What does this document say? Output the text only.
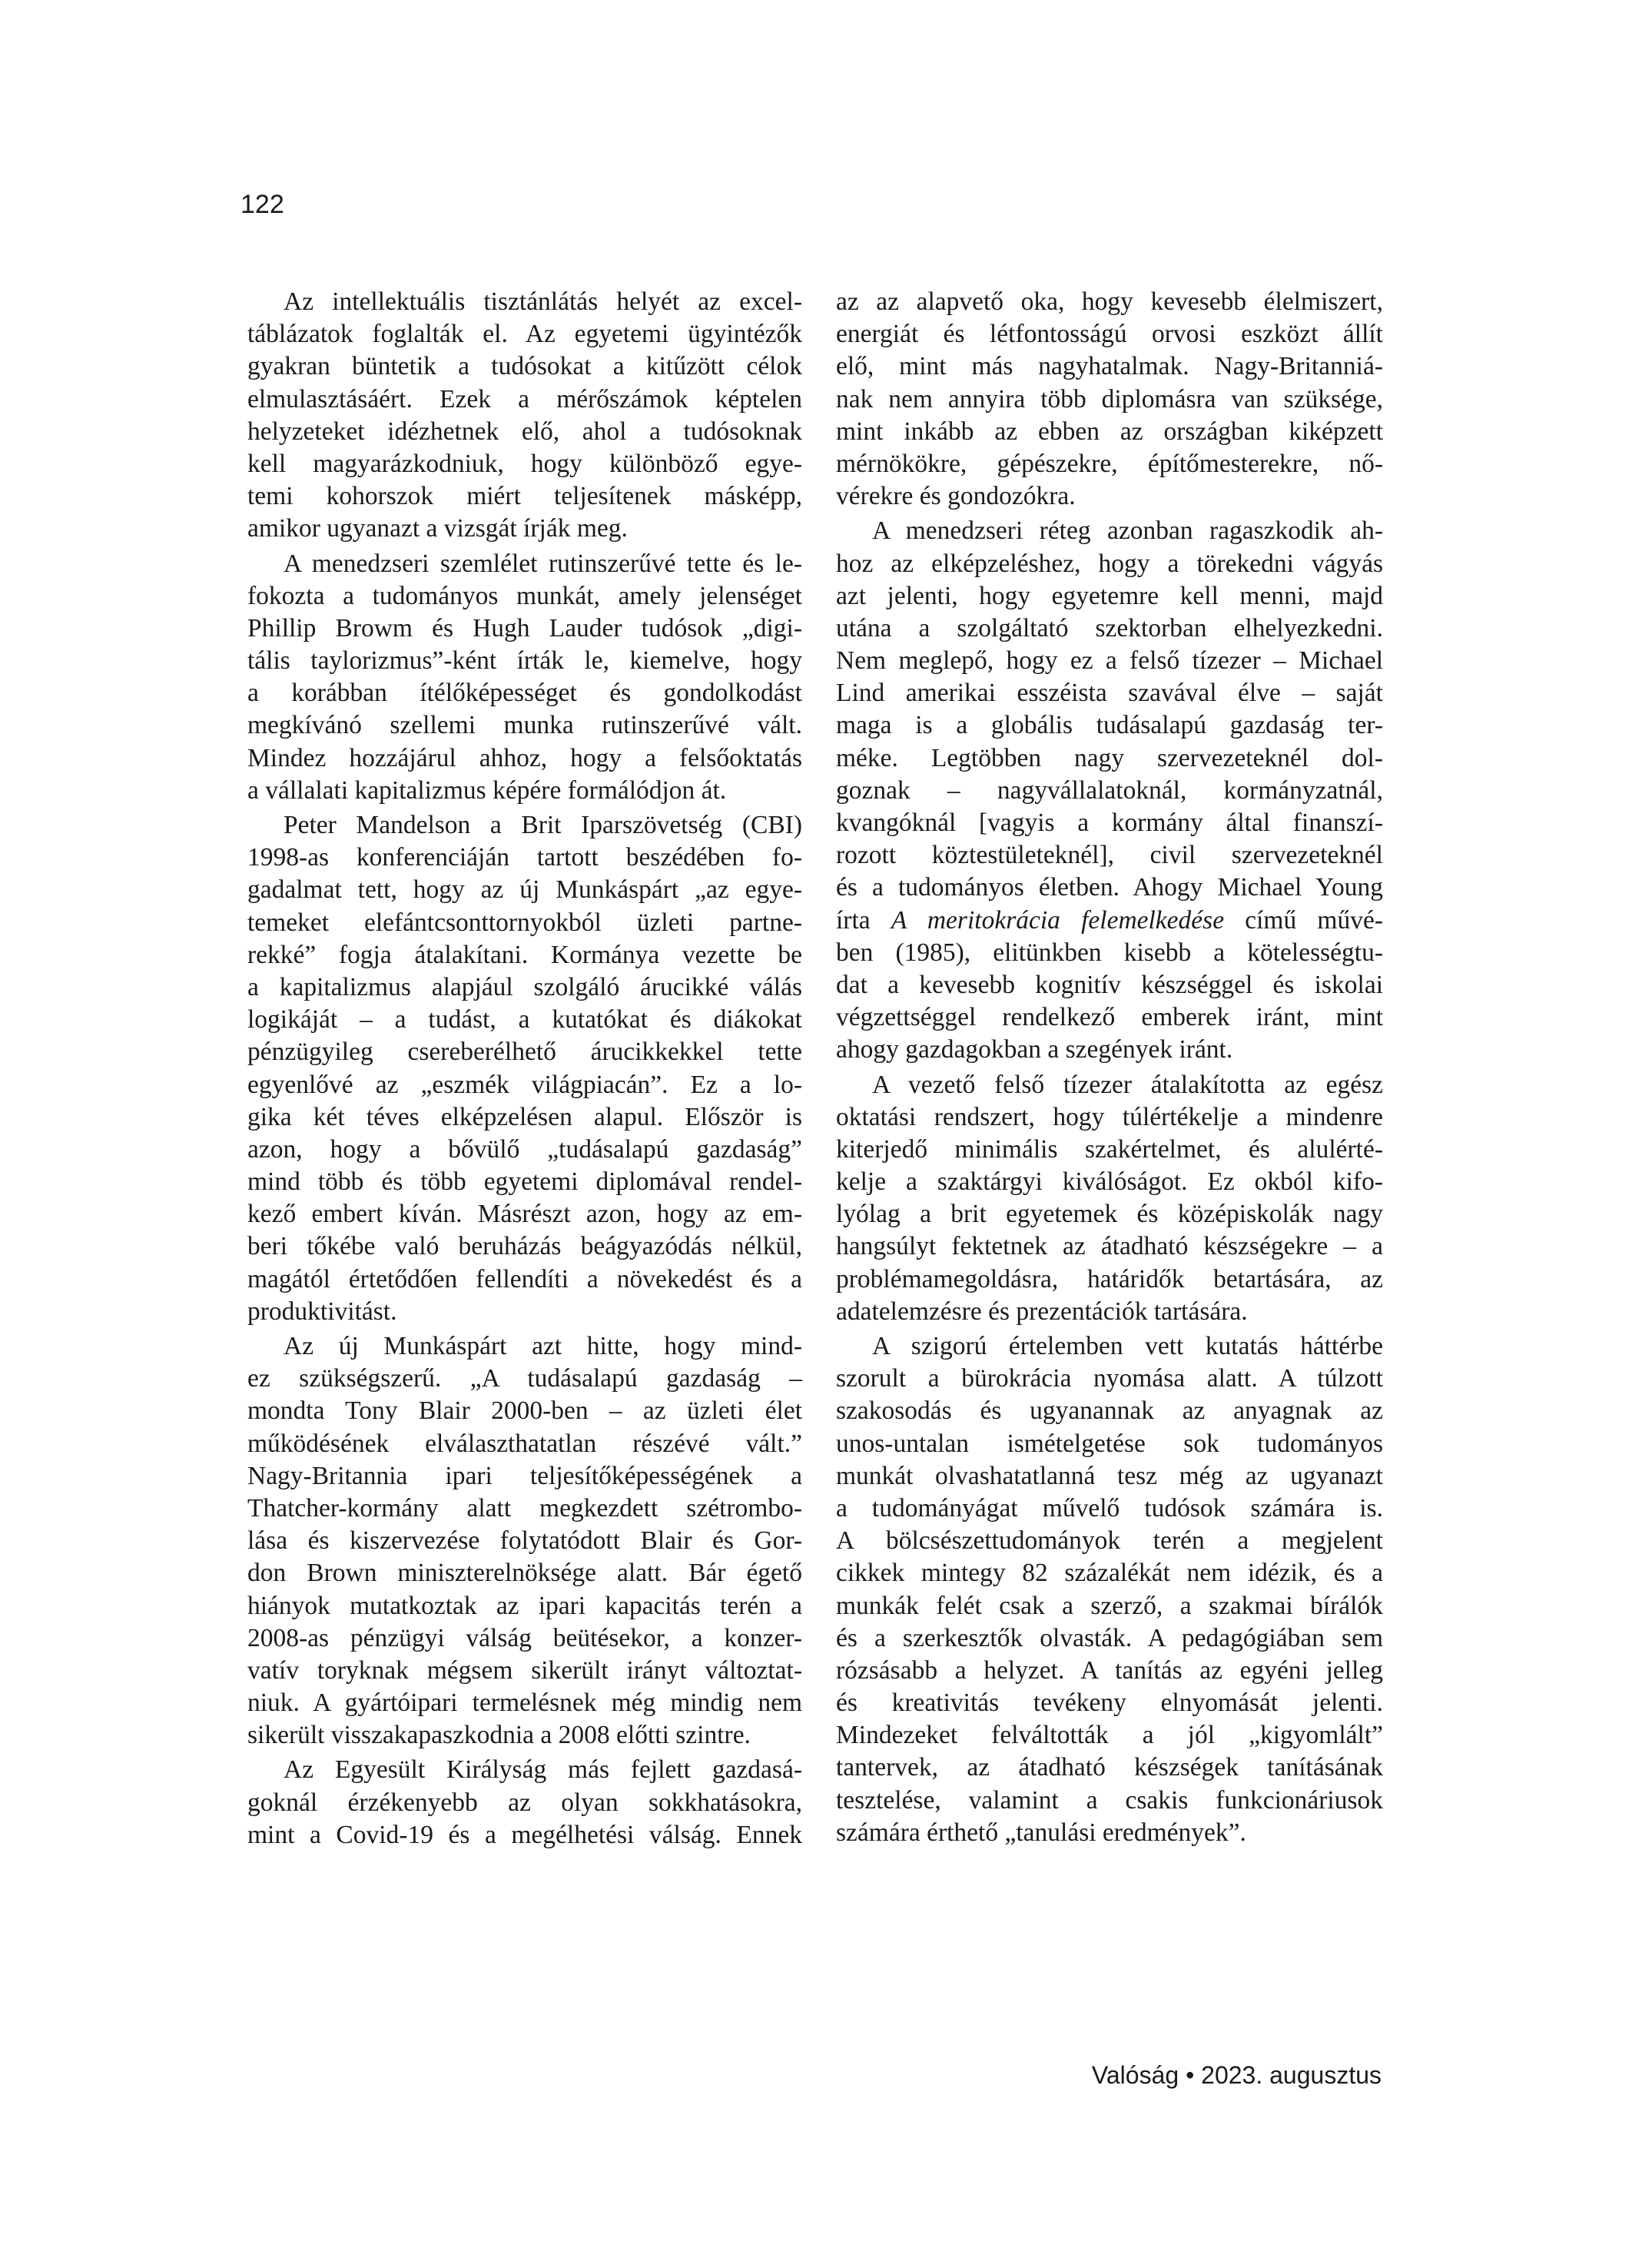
122
Az intellektuális tisztánlátás helyét az excel-
táblázatok foglalták el. Az egyetemi ügyintézők
gyakran büntetik a tudósokat a kitűzött célok
elmulasztásáért. Ezek a mérőszámok képtelen
helyzeteket idézhetnek elő, ahol a tudósoknak
kell magyarázkodniuk, hogy különböző egye-
temi kohorszok miért teljesítenek másképp,
amikor ugyanazt a vizsgát írják meg.
A menedzseri szemlélet rutinszerűvé tette és le-
fokozta a tudományos munkát, amely jelenséget
Phillip Browm és Hugh Lauder tudósok „digi-
tális taylorizmus”-ként írták le, kiemelve, hogy
a korábban ítélőképességet és gondolkodást
megkívánó szellemi munka rutinszerűvé vált.
Mindez hozzájárul ahhoz, hogy a felsőoktatás
a vállalati kapitalizmus képére formálódjon át.
Peter Mandelson a Brit Iparszövetség (CBI)
1998-as konferenciáján tartott beszédében fo-
gadalmat tett, hogy az új Munkáspárt „az egye-
temeket elefántcsonttornyokból üzleti partne-
rekké” fogja átalakítani. Kormánya vezette be
a kapitalizmus alapjául szolgáló árucikké válás
logikáját – a tudást, a kutatókat és diákokat
pénzügyileg csereberélhető árucikkekkel tette
egyenlővé az „eszmék világpiacán”. Ez a lo-
gika két téves elképzelésen alapul. Először is
azon, hogy a bővülő „tudásalapú gazdaság”
mind több és több egyetemi diplomával rendel-
kező embert kíván. Másrészt azon, hogy az em-
beri tőkébe való beruházás beágyazódás nélkül,
magától értetődően fellendíti a növekedést és a
produktivitást.
Az új Munkáspárt azt hitte, hogy mind-
ez szükségszerű. „A tudásalapú gazdaság –
mondta Tony Blair 2000-ben – az üzleti élet
működésének elválaszthatatlan részévé vált.”
Nagy-Britannia ipari teljesítőképességének a
Thatcher-kormány alatt megkezdett szétrombo-
lása és kiszervezése folytatódott Blair és Gor-
don Brown miniszterelnöksége alatt. Bár égető
hiányok mutatkoztak az ipari kapacitás terén a
2008-as pénzügyi válság beütésekor, a konzer-
vatív toryknak mégsem sikerült irányt változtat-
niuk. A gyártóipari termelésnek még mindig nem
sikerült visszakapaszkodnia a 2008 előtti szintre.
Az Egyesült Királyság más fejlett gazdasá-
goknál érzékenyebb az olyan sokkhatásokra,
mint a Covid-19 és a megélhetési válság. Ennek
az az alapvető oka, hogy kevesebb élelmiszert,
energiát és létfontosságú orvosi eszközt állít
elő, mint más nagyhatalmak. Nagy-Britanniá-
nak nem annyira több diplomásra van szüksége,
mint inkább az ebben az országban kiképzett
mérnökökre, gépészekre, építőmesterekre, nő-
vérekre és gondozókra.
A menedzseri réteg azonban ragaszkodik ah-
hoz az elképzeléshez, hogy a törekedni vágyás
azt jelenti, hogy egyetemre kell menni, majd
utána a szolgáltató szektorban elhelyezkedni.
Nem meglepő, hogy ez a felső tízezer – Michael
Lind amerikai esszéista szavával élve – saját
maga is a globális tudásalapú gazdaság ter-
méke. Legtöbben nagy szervezeteknél dol-
goznak – nagyvállalatoknál, kormányzatnál,
kvangóknál [vagyis a kormány által finanszí-
rozott köztestületeknél], civil szervezeteknél
és a tudományos életben. Ahogy Michael Young
írta A meritokrácia felemelkedése című művé-
ben (1985), elitünkben kisebb a kötelességtu-
dat a kevesebb kognitív készséggel és iskolai
végzettséggel rendelkező emberek iránt, mint
ahogy gazdagokban a szegények iránt.
A vezető felső tízezer átalakította az egész
oktatási rendszert, hogy túlértékelje a mindenre
kiterjedő minimális szakértelmet, és alulérté-
kelje a szaktárgyi kiválóságot. Ez okból kifo-
lyólag a brit egyetemek és középiskolák nagy
hangsúlyt fektetnek az átadható készségekre – a
problémamegoldásra, határidők betartására, az
adatelemzésre és prezentációk tartására.
A szigorú értelemben vett kutatás háttérbe
szorult a bürokrácia nyomása alatt. A túlzott
szakosodás és ugyanannak az anyagnak az
unos-untalan ismételgetése sok tudományos
munkát olvashatatlanná tesz még az ugyanazt
a tudományágat művelő tudósok számára is.
A bölcsészettudományok terén a megjelent
cikkek mintegy 82 százalékát nem idézik, és a
munkák felét csak a szerző, a szakmai bírálók
és a szerkesztők olvasták. A pedagógiában sem
rózsásabb a helyzet. A tanítás az egyéni jelleg
és kreativitás tevékeny elnyomását jelenti.
Mindezeket felváltották a jól „kigyomlált”
tantervek, az átadható készségek tanításának
tesztelése, valamint a csakis funkcionáriusok
számára érthető „tanulási eredmények”.
Valóság • 2023. augusztus
